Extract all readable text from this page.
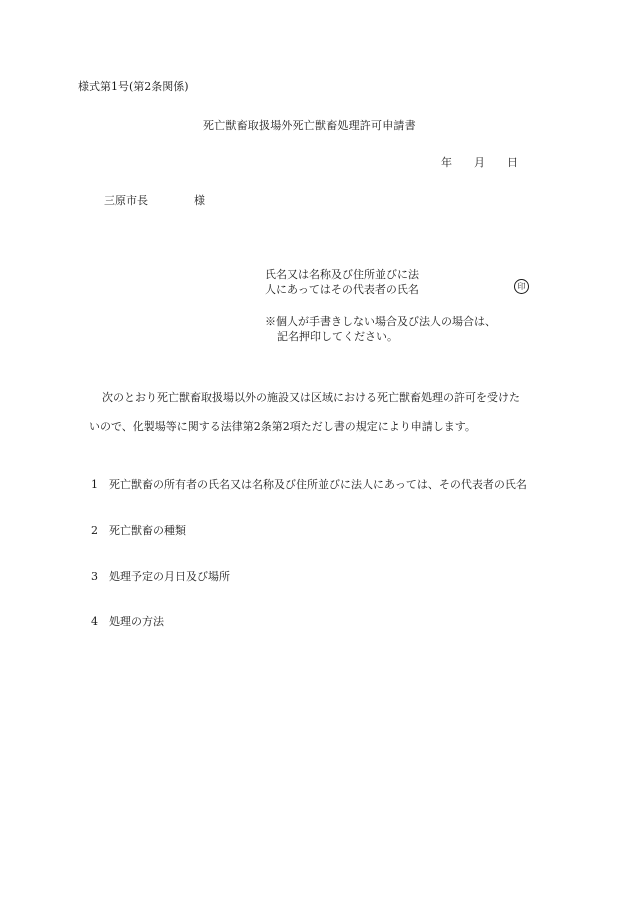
様式第1号(第2条関係)
死亡獣畜取扱場外死亡獣畜処理許可申請書
年 月 日
三原市長	様
氏名又は名称及び住所並びに法
人にあってはその代表者の氏名	印
※個人が手書きしない場合及び法人の場合は、
記名押印してください。
次のとおり死亡獣畜取扱場以外の施設又は区域における死亡獣畜処理の許可を受けた
いので、化製場等に関する法律第2条第2項ただし書の規定により申請します。
1 死亡獣畜の所有者の氏名又は名称及び住所並びに法人にあっては、その代表者の氏名
2 死亡獣畜の種類
3 処理予定の月日及び場所
4 処理の方法
